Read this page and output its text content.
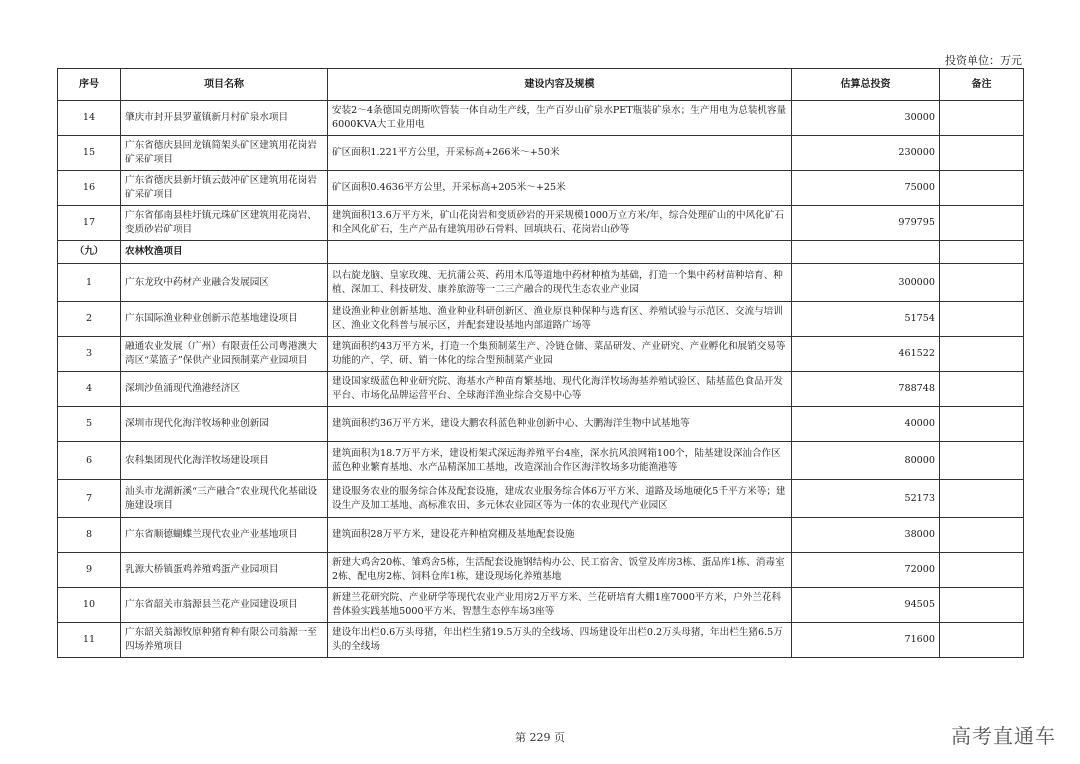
投资单位：万元
序号	项目名称	建设内容及规模	估算总投资	备注
14	肇庆市封开县罗董镇新月村矿泉水项目	安装2～4条德国克朗斯吹管装一体自动生产线，生产百岁山矿泉水PET瓶装矿泉水；生产用电为总装机容量6000KVA大工业用电	30000	
15	广东省德庆县回龙镇简架头矿区建筑用花岗岩矿采矿项目	矿区面积1.221平方公里，开采标高+266米～+50米	230000	
16	广东省德庆县新圩镇云鼓冲矿区建筑用花岗岩矿采矿项目	矿区面积0.4636平方公里，开采标高+205米～+25米	75000	
17	广东省郁南县桂圩镇元珠矿区建筑用花岗岩、变质砂岩矿项目	建筑面积13.6万平方米，矿山花岗岩和变质砂岩的开采规模1000万立方米/年，综合处理矿山的中风化矿石和全风化矿石，生产产品有建筑用砂石骨料、回填块石、花岗岩山砂等	979795	
（九）	农林牧渔项目			
1	广东龙玫中药材产业融合发展园区	以右旋龙脑、皇家玫瑰、无抗蒲公英、药用木瓜等道地中药材种植为基础，打造一个集中药材苗种培育、种植、深加工、科技研发、康养旅游等一二三产融合的现代生态农业产业园	300000	
2	广东国际渔业种业创新示范基地建设项目	建设渔业种业创新基地、渔业种业科研创新区、渔业原良种保种与选育区、养殖试验与示范区、交流与培训区、渔业文化科普与展示区，并配套建设基地内部道路广场等	51754	
3	融通农业发展（广州）有限责任公司粤港澳大湾区“菜篮子”保供产业园预制菜产业园项目	建筑面积约43万平方米，打造一个集预制菜生产、冷链仓储、菜品研发、产业研究、产业孵化和展销交易等功能的产、学、研、销一体化的综合型预制菜产业园	461522	
4	深圳沙鱼涌现代渔港经济区	建设国家级蓝色种业研究院、海基水产种苗育繁基地、现代化海洋牧场海基养殖试验区、陆基蓝色食品开发平台、市场化品牌运营平台、全球海洋渔业综合交易中心等	788748	
5	深圳市现代化海洋牧场种业创新园	建筑面积约36万平方米，建设大鹏农科蓝色种业创新中心、大鹏海洋生物中试基地等	40000	
6	农科集团现代化海洋牧场建设项目	建筑面积为18.7万平方米，建设桁架式深远海养殖平台4座，深水抗风浪网箱100个，陆基建设深汕合作区蓝色种业繁育基地、水产品精深加工基地，改造深汕合作区海洋牧场多功能渔港等	80000	
7	汕头市龙湖新溪“三产融合”农业现代化基础设施建设项目	建设服务农业的服务综合体及配套设施，建成农业服务综合体6万平方米、道路及场地硬化5千平方米等；建设生产及加工基地、高标准农田、多元休农业园区等为一体的农业现代产业园区	52173	
8	广东省顺德蝴蝶兰现代农业产业基地项目	建筑面积28万平方米，建设花卉种植窝棚及基地配套设施	38000	
9	乳源大桥镇蛋鸡养殖鸡蛋产业园项目	新建大鸡舍20栋、雏鸡舍5栋，生活配套设施钢结构办公、民工宿舍、饭堂及库房3栋、蛋品库1栋、消毒室2栋、配电房2栋、饲料仓库1栋，建设现场化养殖基地	72000	
10	广东省韶关市翁源县兰花产业园建设项目	新建兰花研究院、产业研学等现代农业产业用房2万平方米、兰花研培育大棚1座7000平方米，户外兰花科普体验实践基地5000平方米、智慧生态停车场3座等	94505	
11	广东韶关翁源牧原种猪育种有限公司翁源一至四场养殖项目	建设年出栏0.6万头母猪，年出栏生猪19.5万头的全线场、四场建设年出栏0.2万头母猪，年出栏生猪6.5万头的全线场	71600	
第 229 页	高考直通车
